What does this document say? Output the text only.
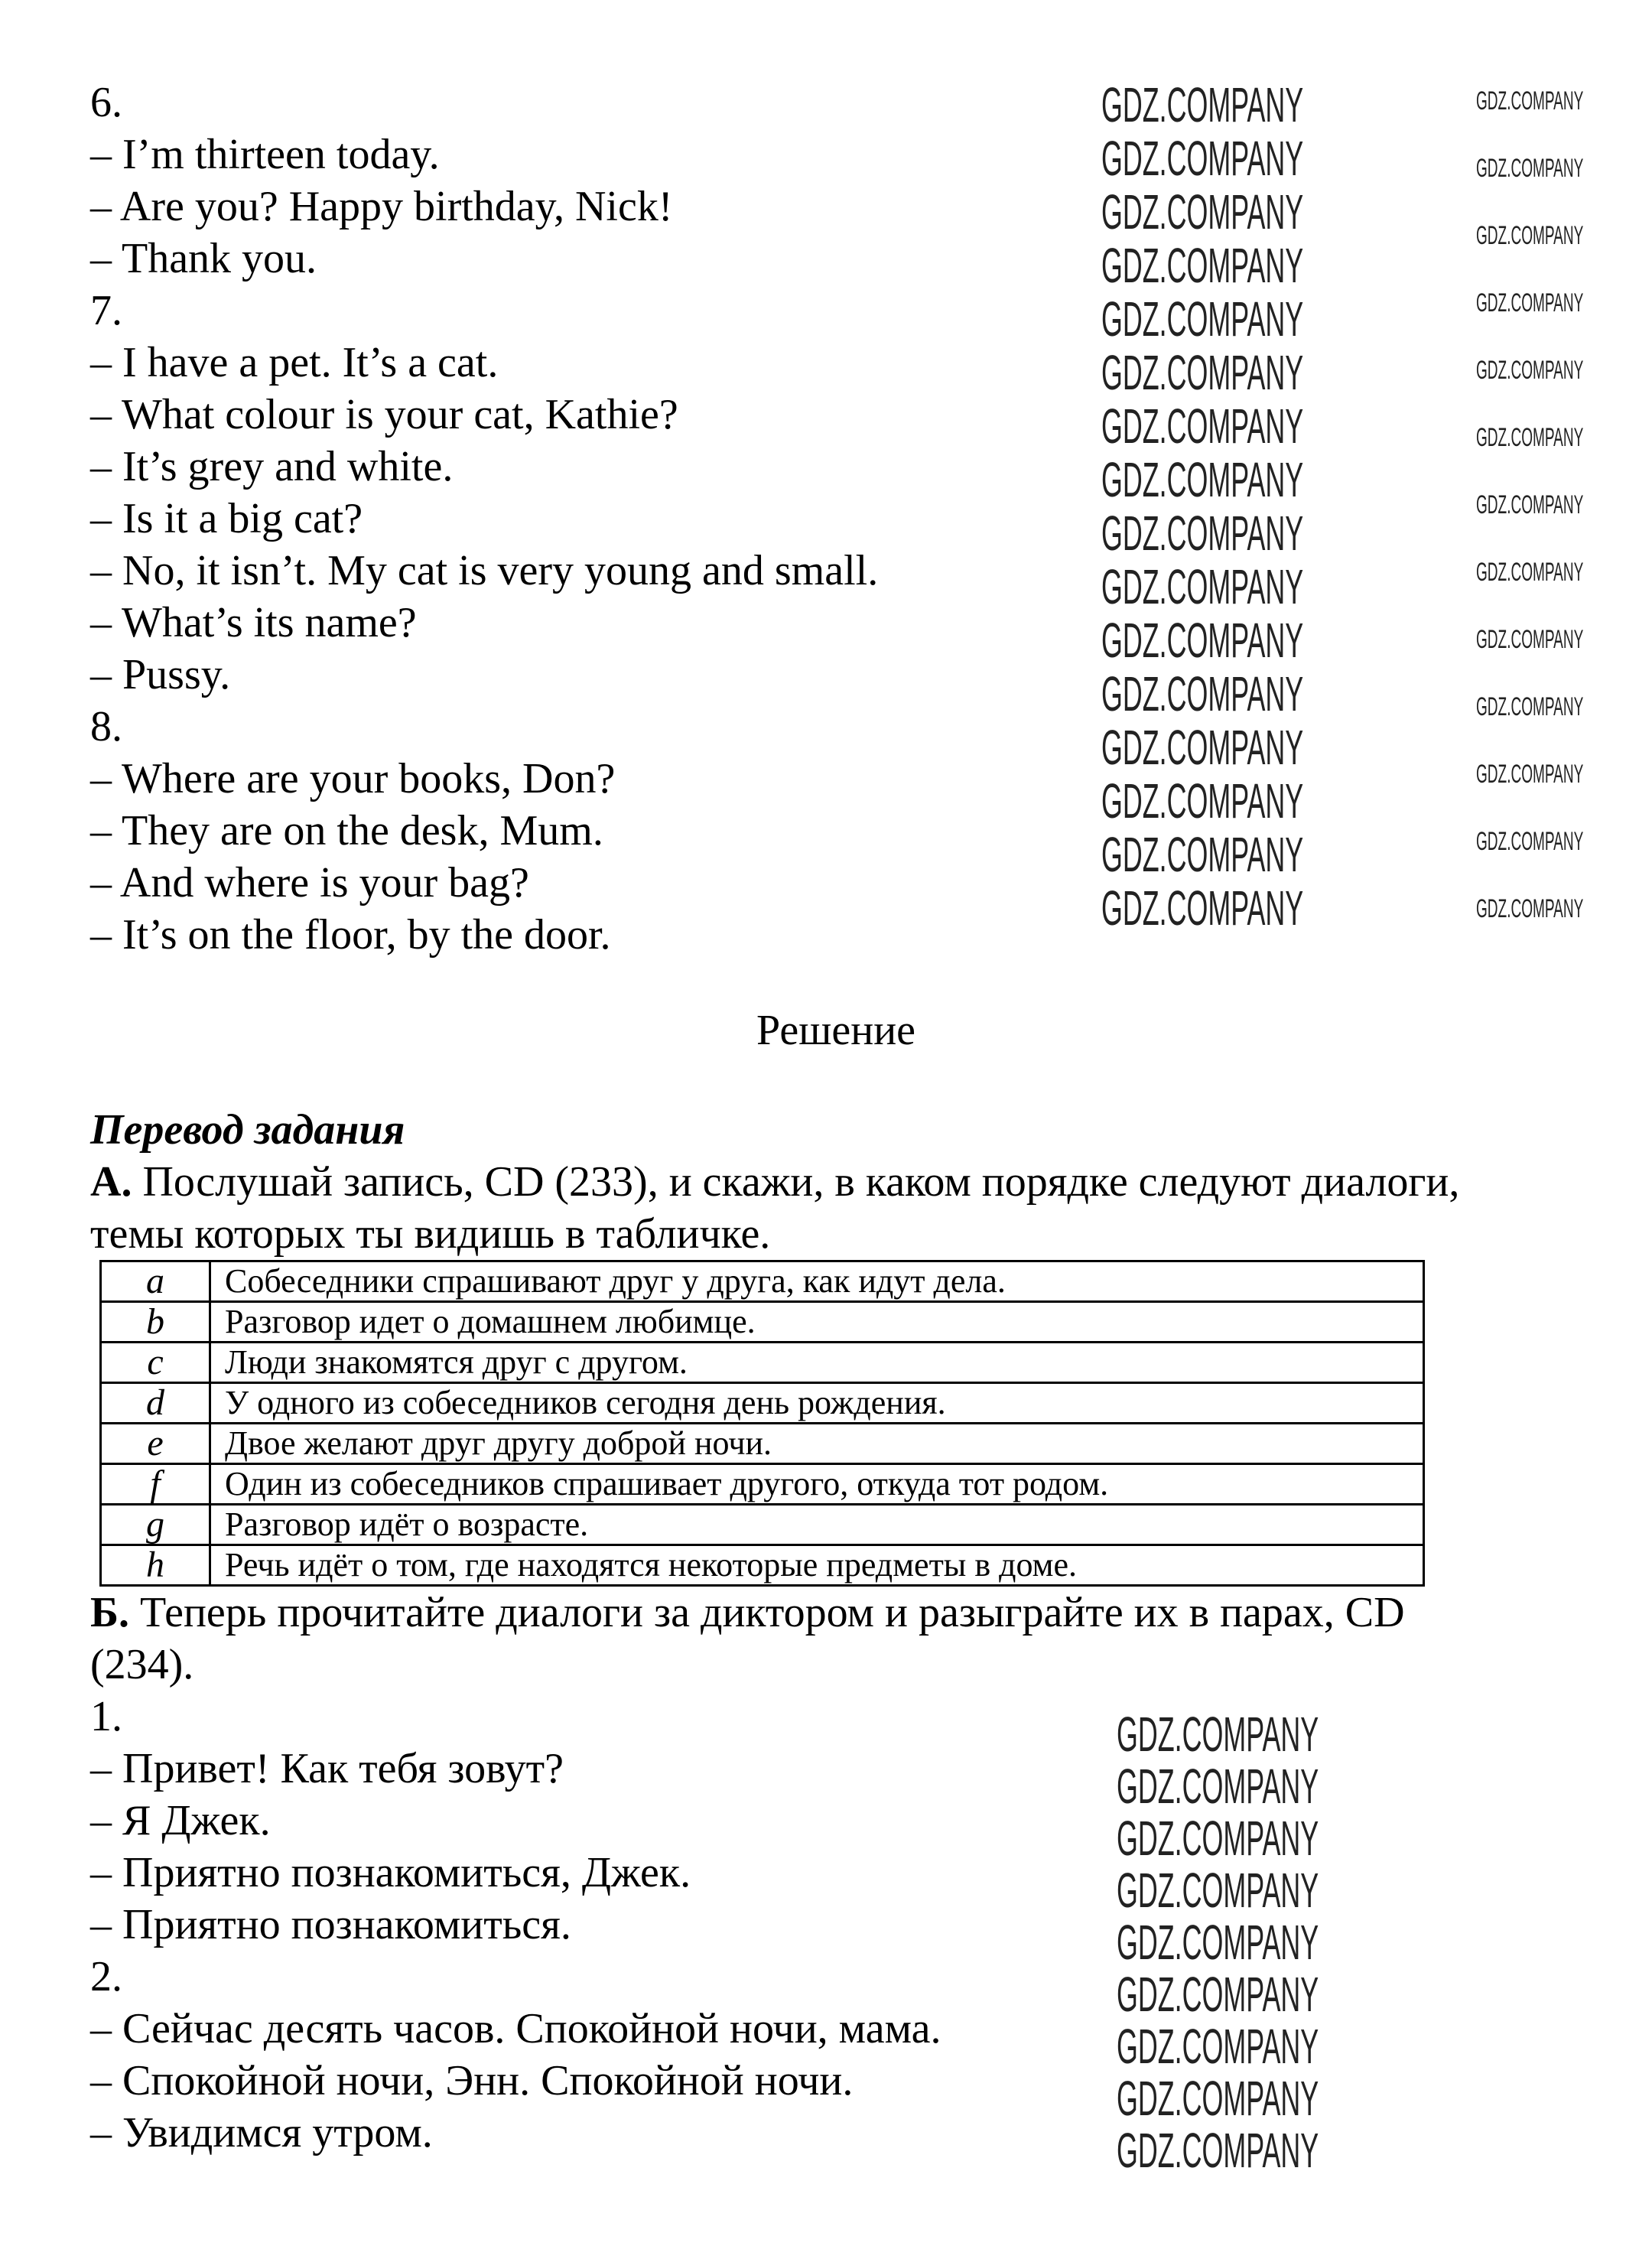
6.
– I’m thirteen today.
– Are you? Happy birthday, Nick!
– Thank you.
7.
– I have a pet. It’s a cat.
– What colour is your cat, Kathie?
– It’s grey and white.
– Is it a big cat?
– No, it isn’t. My cat is very young and small.
– What’s its name?
– Pussy.
8.
– Where are your books, Don?
– They are on the desk, Mum.
– And where is your bag?
– It’s on the floor, by the door.
Решение
Перевод задания
А. Послушай запись, CD (233), и скажи, в каком порядке следуют диалоги,
темы которых ты видишь в табличке.
a	Собеседники спрашивают друг у друга, как идут дела.
b	Разговор идет о домашнем любимце.
c	Люди знакомятся друг с другом.
d	У одного из собеседников сегодня день рождения.
e	Двое желают друг другу доброй ночи.
f	Один из собеседников спрашивает другого, откуда тот родом.
g	Разговор идёт о возрасте.
h	Речь идёт о том, где находятся некоторые предметы в доме.
Б. Теперь прочитайте диалоги за диктором и разыграйте их в парах, CD
(234).
1.
– Привет! Как тебя зовут?
– Я Джек.
– Приятно познакомиться, Джек.
– Приятно познакомиться.
2.
– Сейчас десять часов. Спокойной ночи, мама.
– Спокойной ночи, Энн. Спокойной ночи.
– Увидимся утром.
GDZ.COMPANY
GDZ.COMPANY
GDZ.COMPANY
GDZ.COMPANY
GDZ.COMPANY
GDZ.COMPANY
GDZ.COMPANY
GDZ.COMPANY
GDZ.COMPANY
GDZ.COMPANY
GDZ.COMPANY
GDZ.COMPANY
GDZ.COMPANY
GDZ.COMPANY
GDZ.COMPANY
GDZ.COMPANY
GDZ.COMPANY
GDZ.COMPANY
GDZ.COMPANY
GDZ.COMPANY
GDZ.COMPANY
GDZ.COMPANY
GDZ.COMPANY
GDZ.COMPANY
GDZ.COMPANY
GDZ.COMPANY
GDZ.COMPANY
GDZ.COMPANY
GDZ.COMPANY
GDZ.COMPANY
GDZ.COMPANY
GDZ.COMPANY
GDZ.COMPANY
GDZ.COMPANY
GDZ.COMPANY
GDZ.COMPANY
GDZ.COMPANY
GDZ.COMPANY
